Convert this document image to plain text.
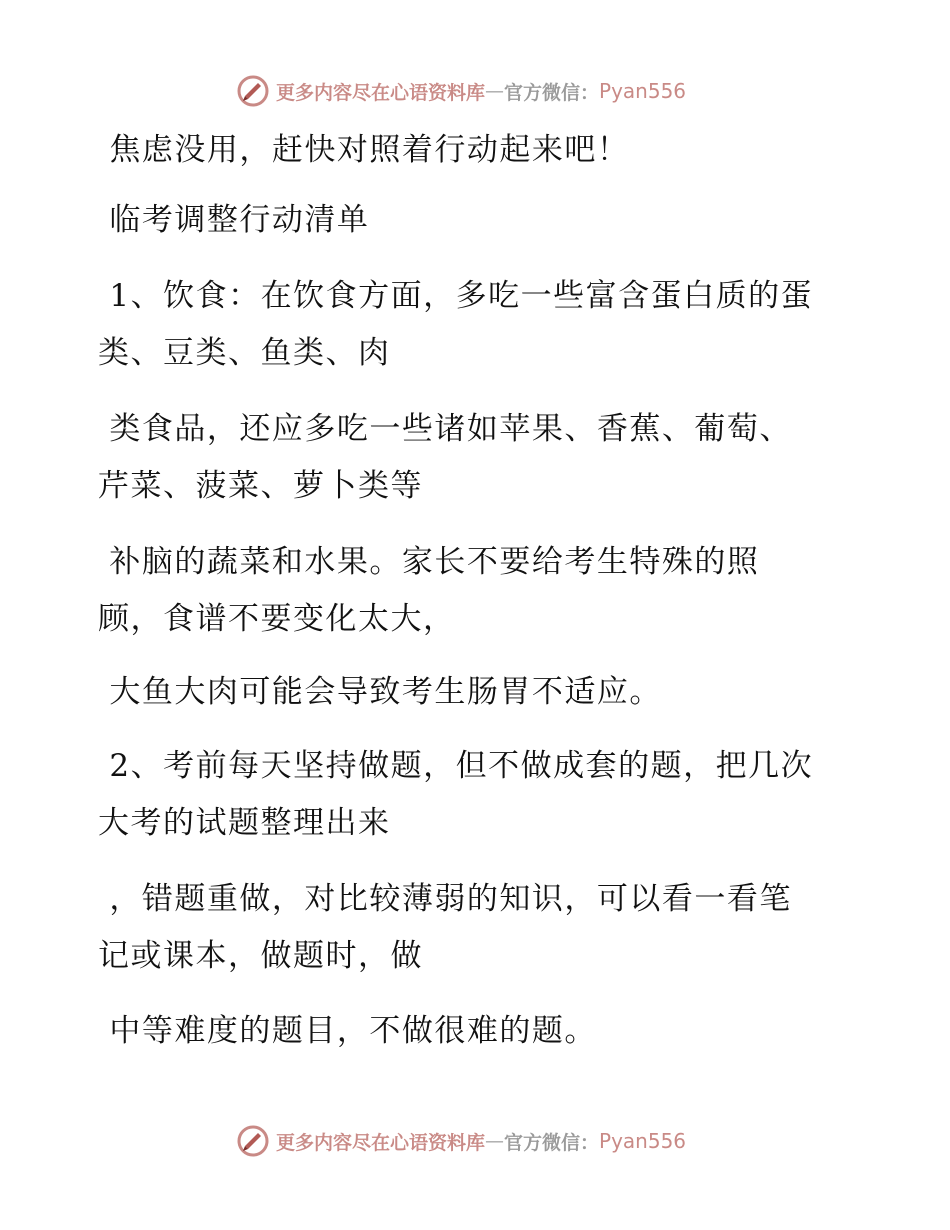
更多内容尽在心语资料库 — 官方微信： Pyan556
焦虑没用，赶快对照着行动起来吧！
临考调整行动清单
1、饮食：在饮食方面，多吃一些富含蛋白质的蛋
类、豆类、鱼类、肉
类食品，还应多吃一些诸如苹果、香蕉、葡萄、
芹菜、菠菜、萝卜类等
补脑的蔬菜和水果。家长不要给考生特殊的照
顾，食谱不要变化太大，
大鱼大肉可能会导致考生肠胃不适应。
2、考前每天坚持做题，但不做成套的题，把几次
大考的试题整理出来
，错题重做，对比较薄弱的知识，可以看一看笔
记或课本，做题时，做
中等难度的题目，不做很难的题。
更多内容尽在心语资料库 — 官方微信： Pyan556
